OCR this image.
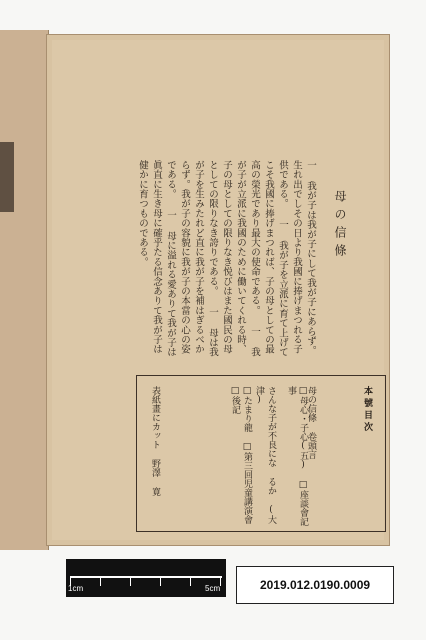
母の信條
一 我が子は我が子にして我が子にあらず。生れ出でしその日より我國に捧げまつれる子供である。 一 我が子を立派に育て上げてこそ我國に捧げまつれば、子の母としての最高の榮光であり最大の使命である。 一 我が子が立派に我國のために働いてくれる時、子の母としての限りなき悦びはまた國民の母としての限りなき誇りである。 一 母は我が子を生みたれど直に我が子を補はぎるべからず。我が子の容貌に我が子の本當の心の姿である。 一 母に溢れる愛ありて我が子は眞直に生き母に確乎たる信念ありて我が子は健かに育つものである。
本號目次
母の信條 卷頭言
□母心・子心(五) □座談會記事
さんな子が不良にな るか (大津)
□たまり龍 □第三回児童講演會 □後記
表紙畫にカット 野澤 寛
1cm	5cm	2019.012.0190.0009
